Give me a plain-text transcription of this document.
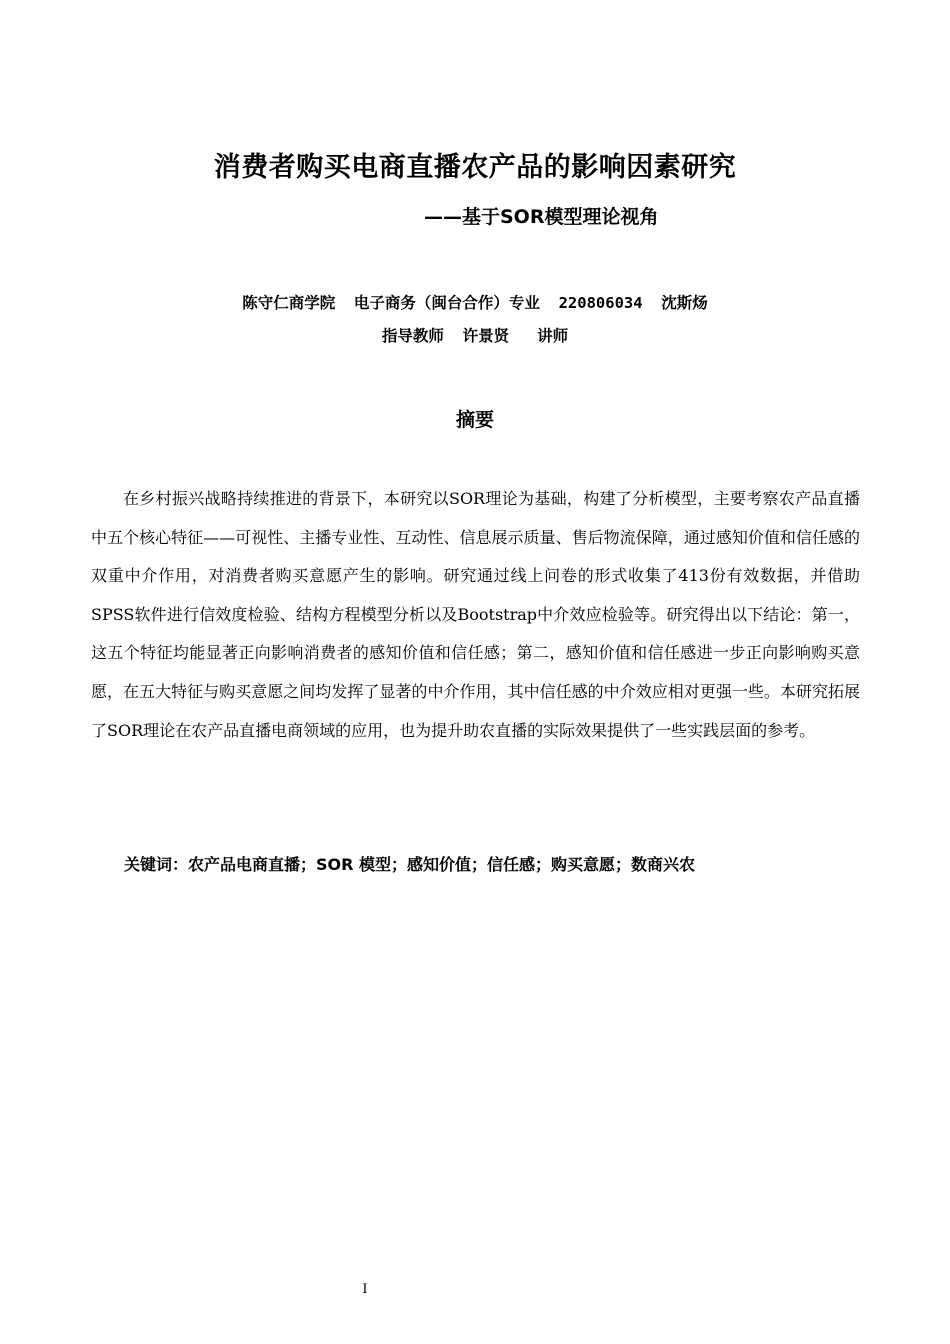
消费者购买电商直播农产品的影响因素研究
——基于SOR模型理论视角
陈守仁商学院  电子商务（闽台合作）专业  220806034  沈斯炀
指导教师  许景贤   讲师
摘要

在乡村振兴战略持续推进的背景下，本研究以SOR理论为基础，构建了分析模型，主要考察农产品直播中五个核心特征——可视性、主播专业性、互动性、信息展示质量、售后物流保障，通过感知价值和信任感的双重中介作用，对消费者购买意愿产生的影响。研究通过线上问卷的形式收集了413份有效数据，并借助SPSS软件进行信效度检验、结构方程模型分析以及Bootstrap中介效应检验等。研究得出以下结论：第一，这五个特征均能显著正向影响消费者的感知价值和信任感；第二，感知价值和信任感进一步正向影响购买意愿，在五大特征与购买意愿之间均发挥了显著的中介作用，其中信任感的中介效应相对更强一些。本研究拓展了SOR理论在农产品直播电商领域的应用，也为提升助农直播的实际效果提供了一些实践层面的参考。

关键词：农产品电商直播；SOR 模型；感知价值；信任感；购买意愿；数商兴农
I
